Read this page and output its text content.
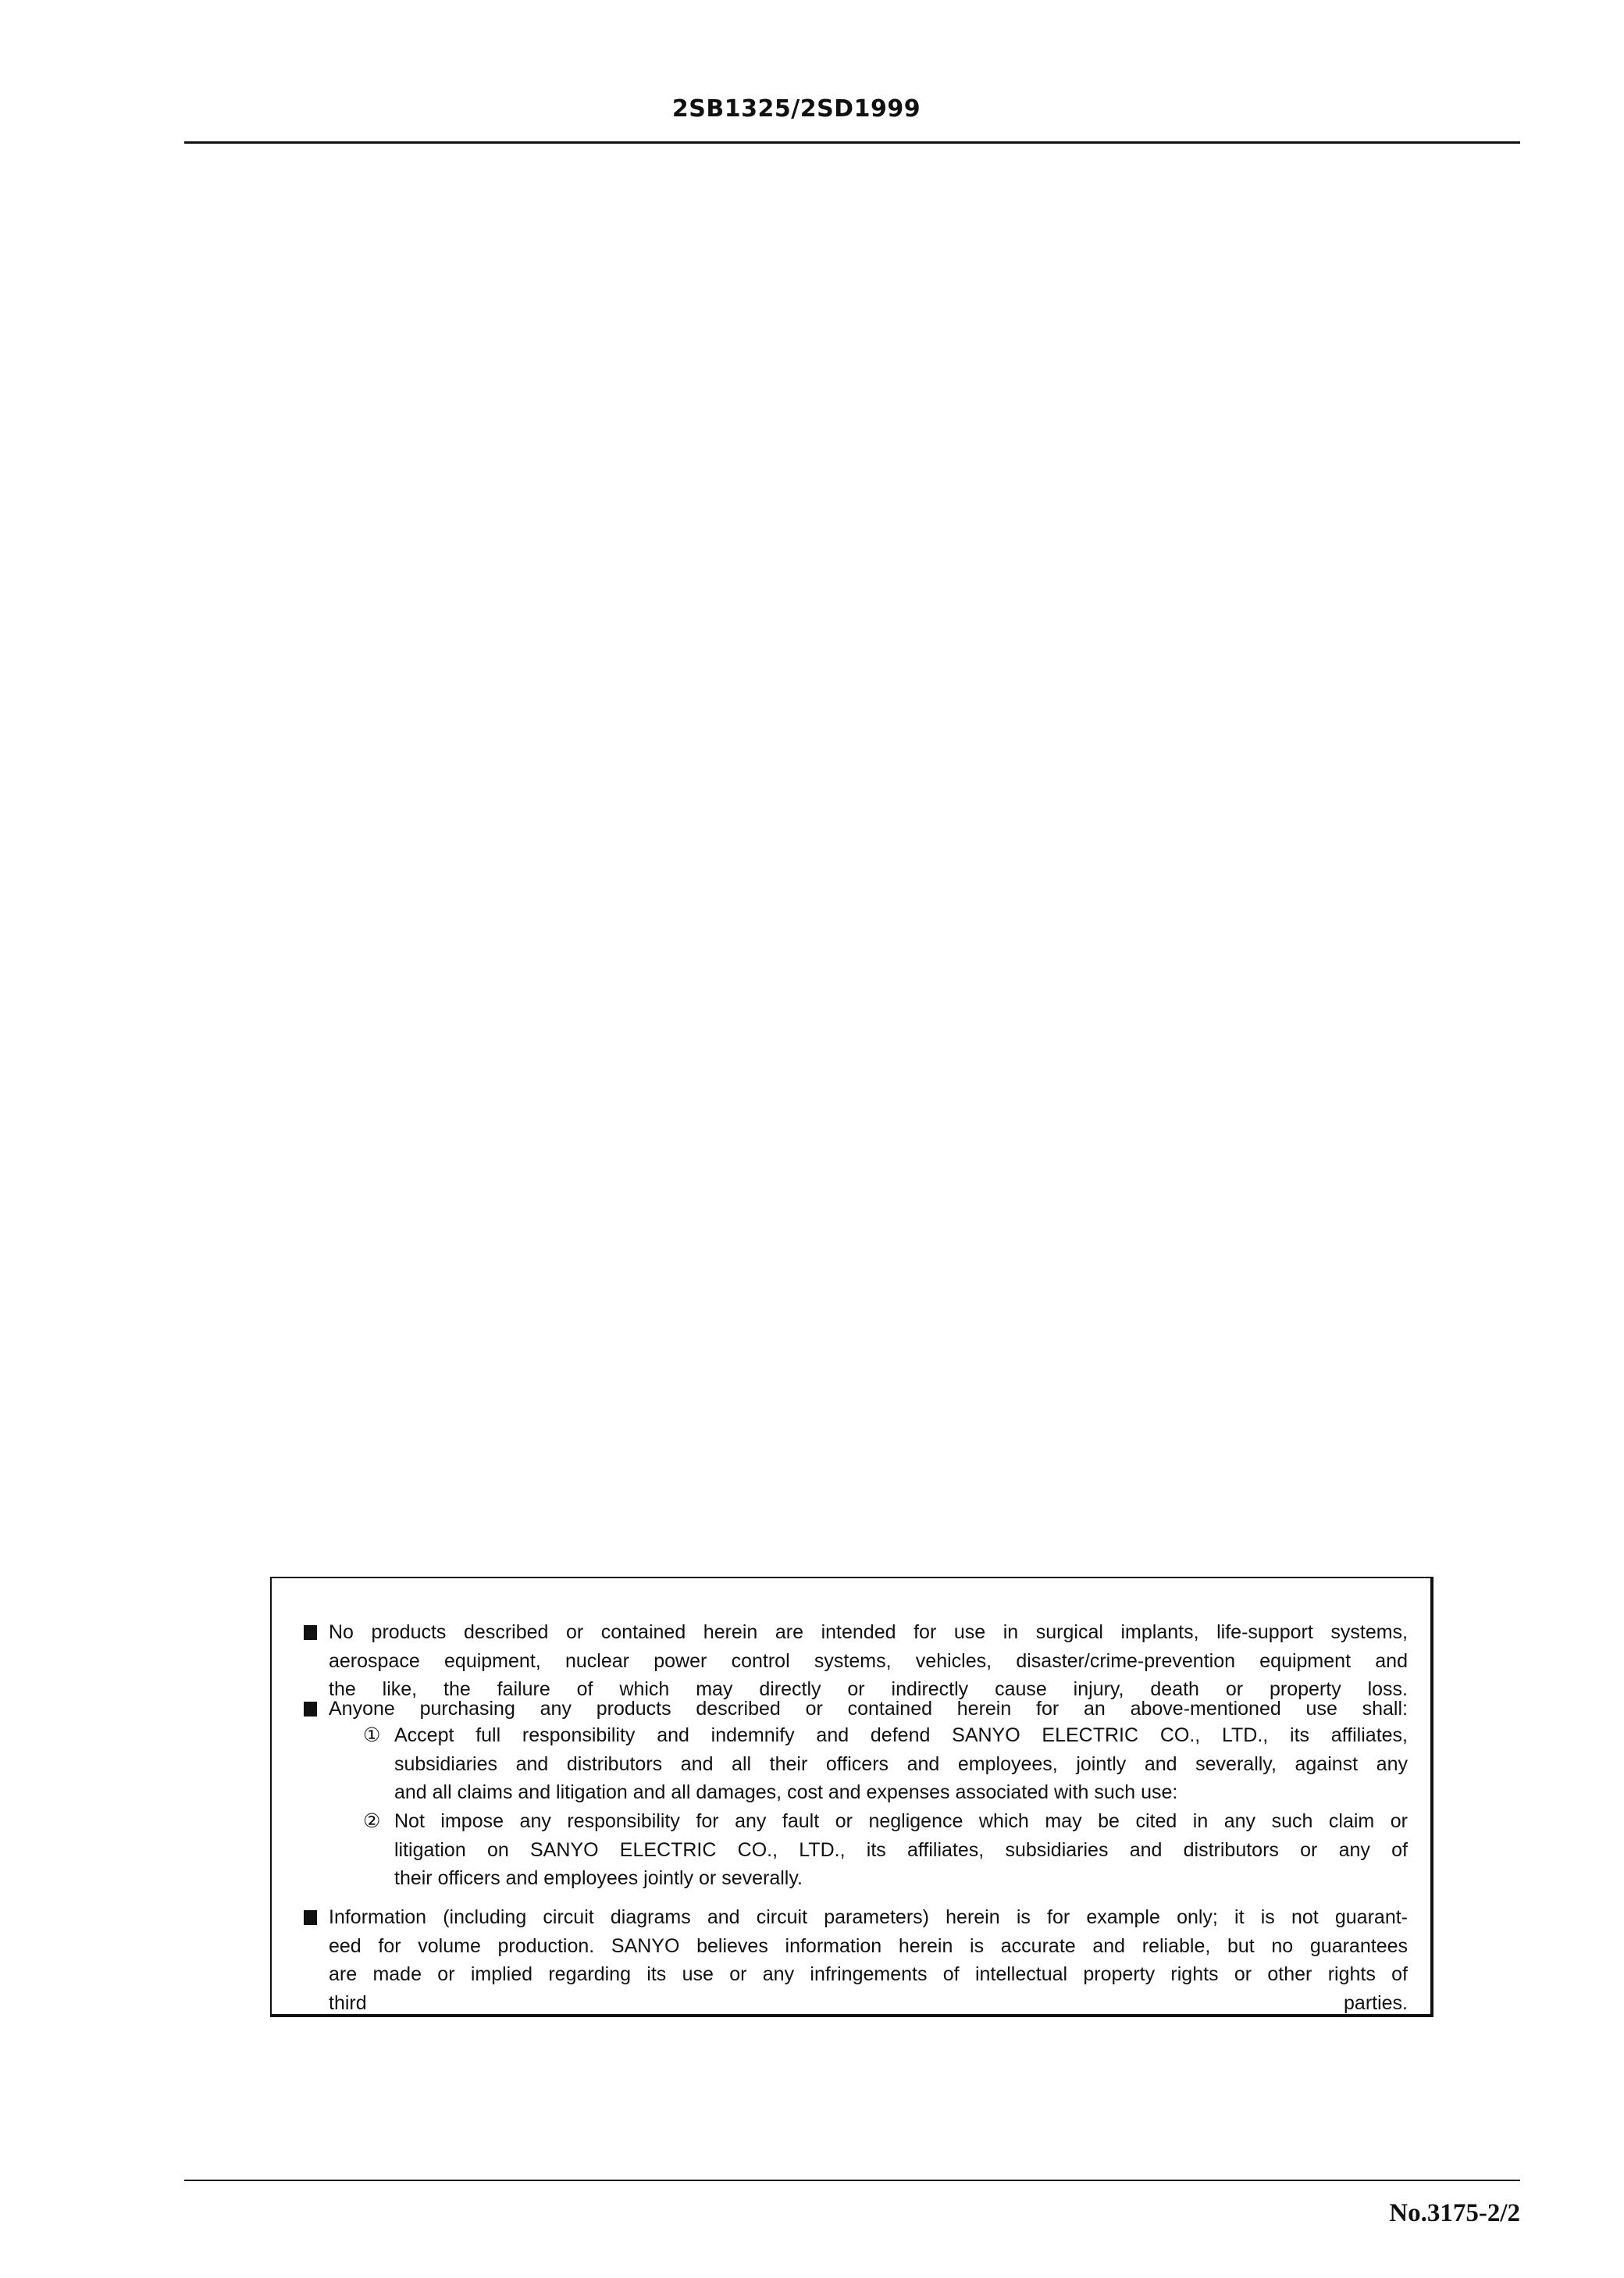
2SB1325/2SD1999
No products described or contained herein are intended for use in surgical implants, life-support systems,
aerospace equipment, nuclear power control systems, vehicles, disaster/crime-prevention equipment and
the like, the failure of which may directly or indirectly cause injury, death or property loss.
Anyone purchasing any products described or contained herein for an above-mentioned use shall:
① Accept full responsibility and indemnify and defend SANYO ELECTRIC CO., LTD., its affiliates,
subsidiaries and distributors and all their officers and employees, jointly and severally, against any
and all claims and litigation and all damages, cost and expenses associated with such use:
② Not impose any responsibility for any fault or negligence which may be cited in any such claim or
litigation on SANYO ELECTRIC CO., LTD., its affiliates, subsidiaries and distributors or any of
their officers and employees jointly or severally.
Information (including circuit diagrams and circuit parameters) herein is for example only; it is not guarant-
eed for volume production. SANYO believes information herein is accurate and reliable, but no guarantees
are made or implied regarding its use or any infringements of intellectual property rights or other rights of
third parties.
No.3175-2/2
